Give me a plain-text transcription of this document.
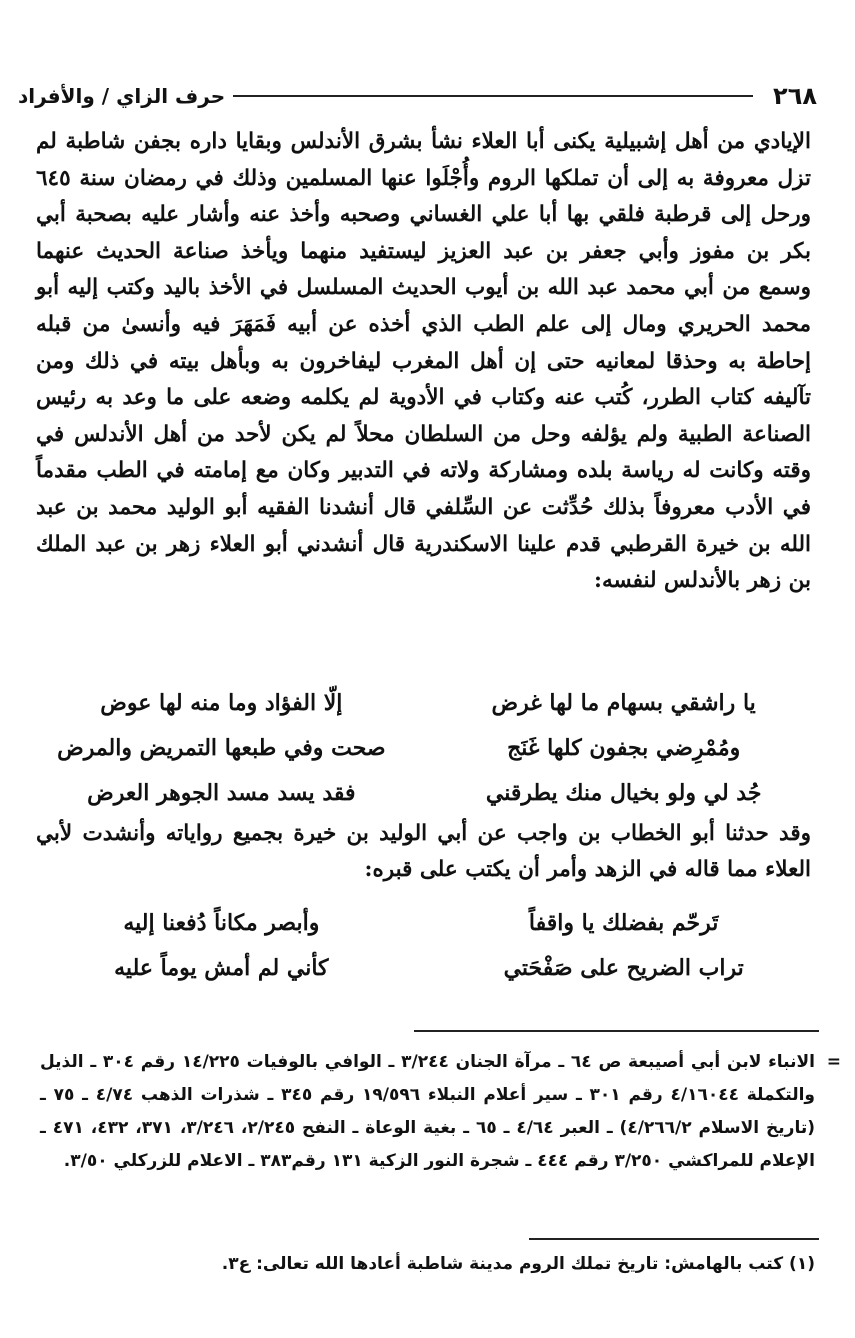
٢٦٨
حرف الزاي / والأفراد

الإيادي من أهل إشبيلية يكنى أبا العلاء نشأ بشرق الأندلس وبقايا داره بجفن شاطبة لم تزل معروفة به إلى أن تملكها الروم وأُجْلَوا عنها المسلمين وذلك في رمضان سنة ٦٤٥ ورحل إلى قرطبة فلقي بها أبا علي الغساني وصحبه وأخذ عنه وأشار عليه بصحبة أبي بكر بن مفوز وأبي جعفر بن عبد العزيز ليستفيد منهما ويأخذ صناعة الحديث عنهما وسمع من أبي محمد عبد الله بن أيوب الحديث المسلسل في الأخذ باليد وكتب إليه أبو محمد الحريري ومال إلى علم الطب الذي أخذه عن أبيه فَمَهَرَ فيه وأنسىٰ من قبله إحاطة به وحذقا لمعانيه حتى إن أهل المغرب ليفاخرون به وبأهل بيته في ذلك ومن تآليفه كتاب الطرر، كُتب عنه وكتاب في الأدوية لم يكلمه وضعه على ما وعد به رئيس الصناعة الطبية ولم يؤلفه وحل من السلطان محلاً لم يكن لأحد من أهل الأندلس في وقته وكانت له رياسة بلده ومشاركة ولاته في التدبير وكان مع إمامته في الطب مقدماً في الأدب معروفاً بذلك حُدِّثت عن السِّلفي قال أنشدنا الفقيه أبو الوليد محمد بن عبد الله بن خيرة القرطبي قدم علينا الاسكندرية قال أنشدني أبو العلاء زهر بن عبد الملك بن زهر بالأندلس لنفسه:

يا راشقي بسهام ما لها غرض
إلّا الفؤاد وما منه لها عوض
ومُمْرِضي بجفون كلها غَنَج
صحت وفي طبعها التمريض والمرض
جُد لي ولو بخيال منك يطرقني
فقد يسد مسد الجوهر العرض

وقد حدثنا أبو الخطاب بن واجب عن أبي الوليد بن خيرة بجميع رواياته وأنشدت لأبي العلاء مما قاله في الزهد وأمر أن يكتب على قبره:

تَرحّم بفضلك يا واقفاً
وأبصر مكاناً دُفعنا إليه
تراب الضريح على صَفْحَتي
كأني لم أمش يوماً عليه
=
الانباء لابن أبي أصيبعة ص ٦٤ ـ مرآة الجنان ٣/٢٤٤ ـ الوافي بالوفيات ١٤/٢٢٥ رقم ٣٠٤ ـ الذيل والتكملة ٤/١٦٠٤٤ رقم ٣٠١ ـ سير أعلام النبلاء ١٩/٥٩٦ رقم ٣٤٥ ـ شذرات الذهب ٤/٧٤ ـ ٧٥ ـ (تاريخ الاسلام ٤/٢٦٦/٢) ـ العبر ٤/٦٤ ـ ٦٥ ـ بغية الوعاة ـ النفح ٢/٢٤٥، ٣/٢٤٦، ٣٧١، ٤٣٢، ٤٧١ ـ الإعلام للمراكشي ٣/٢٥٠ رقم ٤٤٤ ـ شجرة النور الزكية ١٣١ رقم٣٨٣ ـ الاعلام للزركلي ٣/٥٠.
(١) كتب بالهامش: تاريخ تملك الروم مدينة شاطبة أعادها الله تعالى: ع٣.
